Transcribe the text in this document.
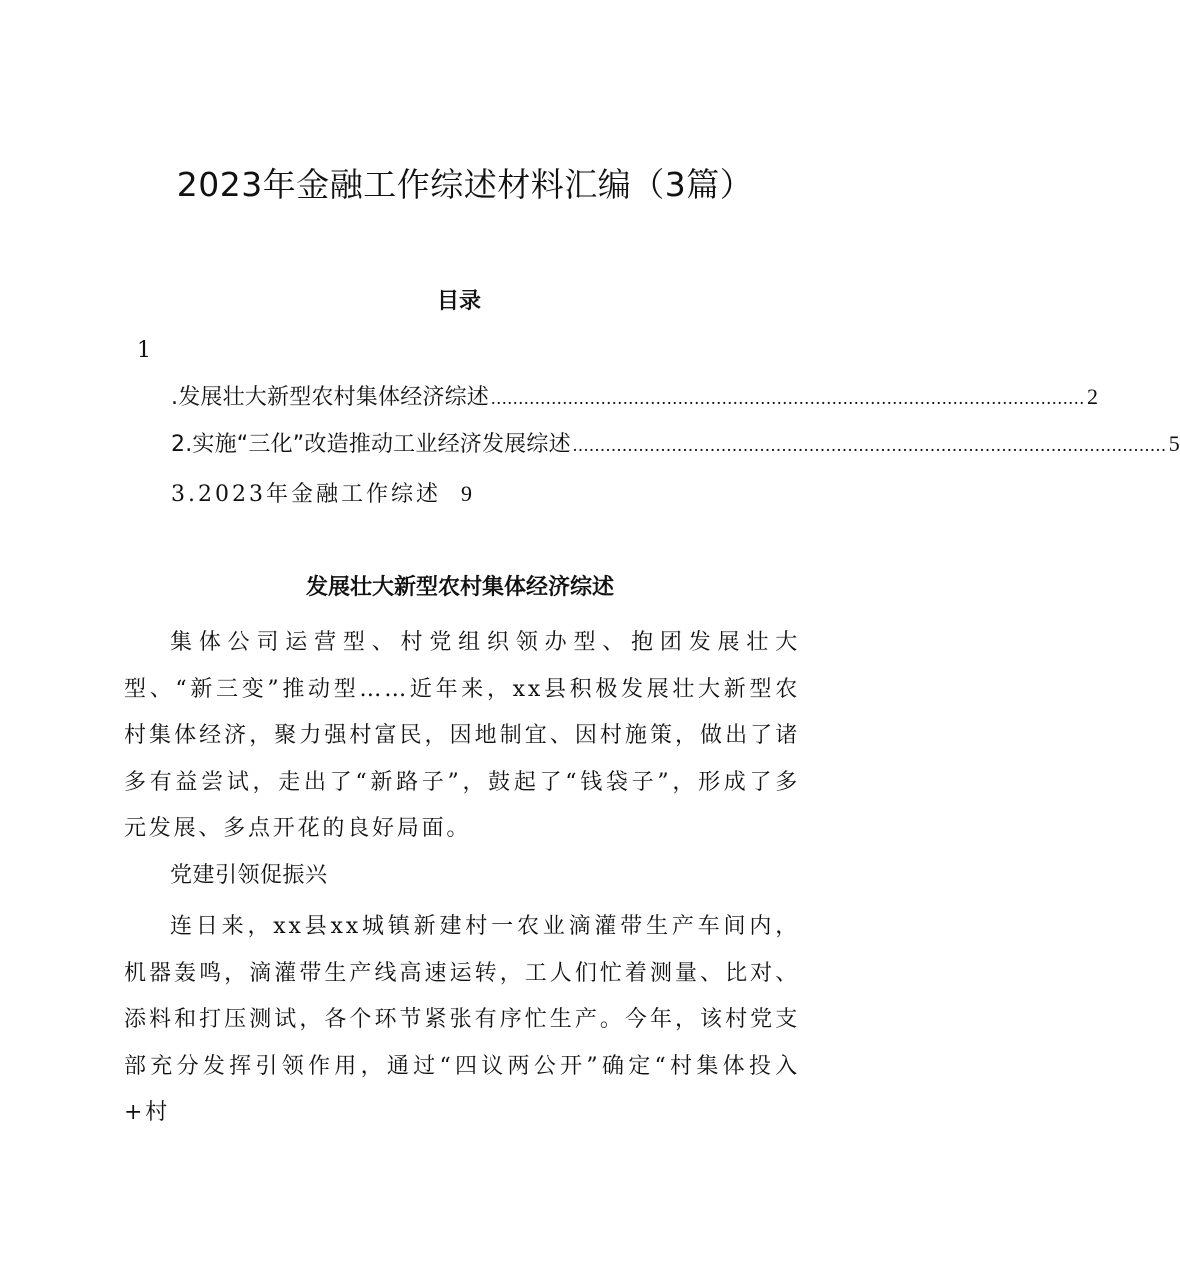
2023年金融工作综述材料汇编（3篇）
目录
1
.发展壮大新型农村集体经济综述 ............................................................................................................ 2
2.实施“三化”改造推动工业经济发展综述 ............................................................................................................ 5
3.2023年金融工作综述 9
发展壮大新型农村集体经济综述

集体公司运营型、村党组织领办型、抱团发展壮大型、“新三变”推动型……近年来，xx县积极发展壮大新型农村集体经济，聚力强村富民，因地制宜、因村施策，做出了诸多有益尝试，走出了“新路子”，鼓起了“钱袋子”，形成了多元发展、多点开花的良好局面。

党建引领促振兴

连日来，xx县xx城镇新建村一农业滴灌带生产车间内，机器轰鸣，滴灌带生产线高速运转，工人们忙着测量、比对、添料和打压测试，各个环节紧张有序忙生产。今年，该村党支部充分发挥引领作用，通过“四议两公开”确定“村集体投入+村
